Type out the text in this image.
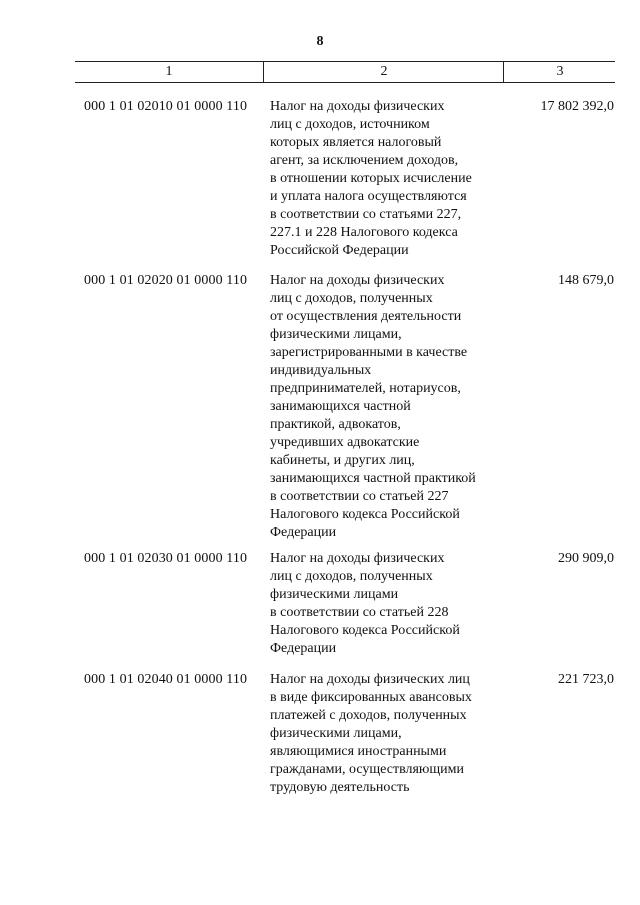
8
1	2	3
000 1 01 02010 01 0000 110 Налог на доходы физических
лиц с доходов, источником
которых является налоговый
агент, за исключением доходов,
в отношении которых исчисление
и уплата налога осуществляются
в соответствии со статьями 227,
227.1 и 228 Налогового кодекса
Российской Федерации
17 802 392,0
000 1 01 02020 01 0000 110 Налог на доходы физических
лиц с доходов, полученных
от осуществления деятельности
физическими лицами,
зарегистрированными в качестве
индивидуальных
предпринимателей, нотариусов,
занимающихся частной
практикой, адвокатов,
учредивших адвокатские
кабинеты, и других лиц,
занимающихся частной практикой
в соответствии со статьей 227
Налогового кодекса Российской
Федерации
148 679,0
000 1 01 02030 01 0000 110 Налог на доходы физических
лиц с доходов, полученных
физическими лицами
в соответствии со статьей 228
Налогового кодекса Российской
Федерации
290 909,0
000 1 01 02040 01 0000 110 Налог на доходы физических лиц
в виде фиксированных авансовых
платежей с доходов, полученных
физическими лицами,
являющимися иностранными
гражданами, осуществляющими
трудовую деятельность
221 723,0
